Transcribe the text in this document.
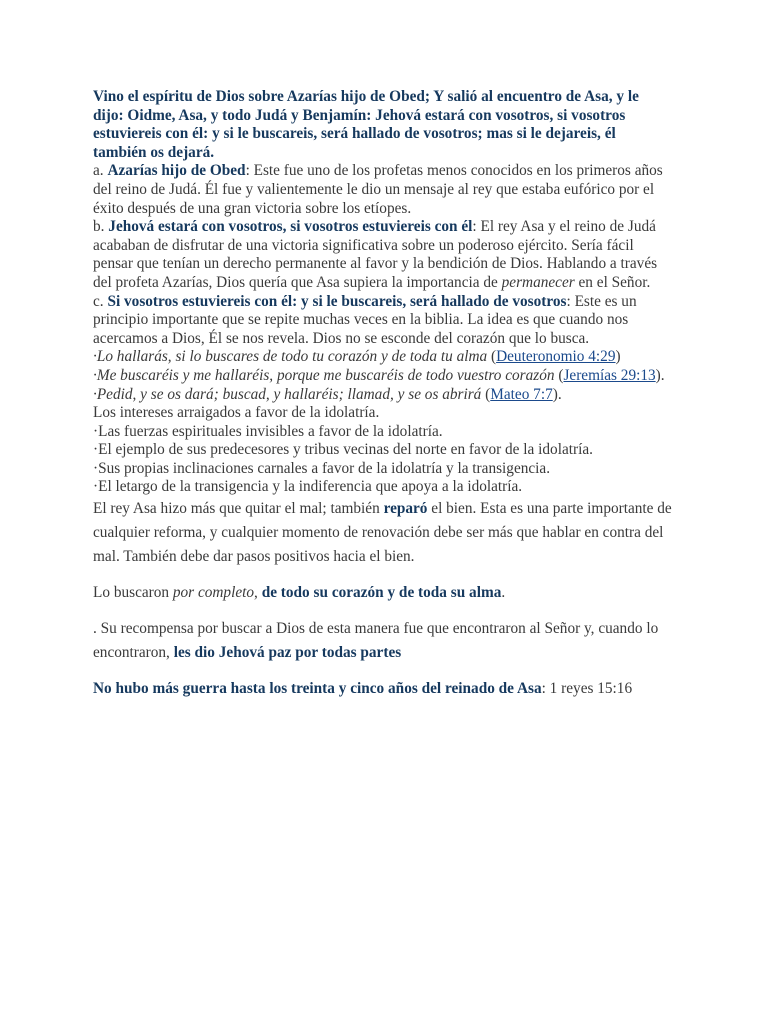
Vino el espíritu de Dios sobre Azarías hijo de Obed; Y salió al encuentro de Asa, y le dijo: Oidme, Asa, y todo Judá y Benjamín: Jehová estará con vosotros, si vosotros estuviereis con él: y si le buscareis, será hallado de vosotros; mas si le dejareis, él también os dejará.

a. Azarías hijo de Obed: Este fue uno de los profetas menos conocidos en los primeros años del reino de Judá. Él fue y valientemente le dio un mensaje al rey que estaba eufórico por el éxito después de una gran victoria sobre los etíopes.

b. Jehová estará con vosotros, si vosotros estuviereis con él: El rey Asa y el reino de Judá acababan de disfrutar de una victoria significativa sobre un poderoso ejército. Sería fácil pensar que tenían un derecho permanente al favor y la bendición de Dios. Hablando a través del profeta Azarías, Dios quería que Asa supiera la importancia de permanecer en el Señor.

c. Si vosotros estuviereis con él: y si le buscareis, será hallado de vosotros: Este es un principio importante que se repite muchas veces en la biblia. La idea es que cuando nos acercamos a Dios, Él se nos revela. Dios no se esconde del corazón que lo busca.

·Lo hallarás, si lo buscares de todo tu corazón y de toda tu alma (Deuteronomio 4:29)

·Me buscaréis y me hallaréis, porque me buscaréis de todo vuestro corazón (Jeremías 29:13).

·Pedid, y se os dará; buscad, y hallaréis; llamad, y se os abrirá (Mateo 7:7).

Los intereses arraigados a favor de la idolatría.

·Las fuerzas espirituales invisibles a favor de la idolatría.

·El ejemplo de sus predecesores y tribus vecinas del norte en favor de la idolatría.

·Sus propias inclinaciones carnales a favor de la idolatría y la transigencia.

·El letargo de la transigencia y la indiferencia que apoya a la idolatría.

El rey Asa hizo más que quitar el mal; también reparó el bien. Esta es una parte importante de cualquier reforma, y cualquier momento de renovación debe ser más que hablar en contra del mal. También debe dar pasos positivos hacia el bien.

Lo buscaron por completo, de todo su corazón y de toda su alma.

. Su recompensa por buscar a Dios de esta manera fue que encontraron al Señor y, cuando lo encontraron, les dio Jehová paz por todas partes

No hubo más guerra hasta los treinta y cinco años del reinado de Asa: 1 reyes 15:16
